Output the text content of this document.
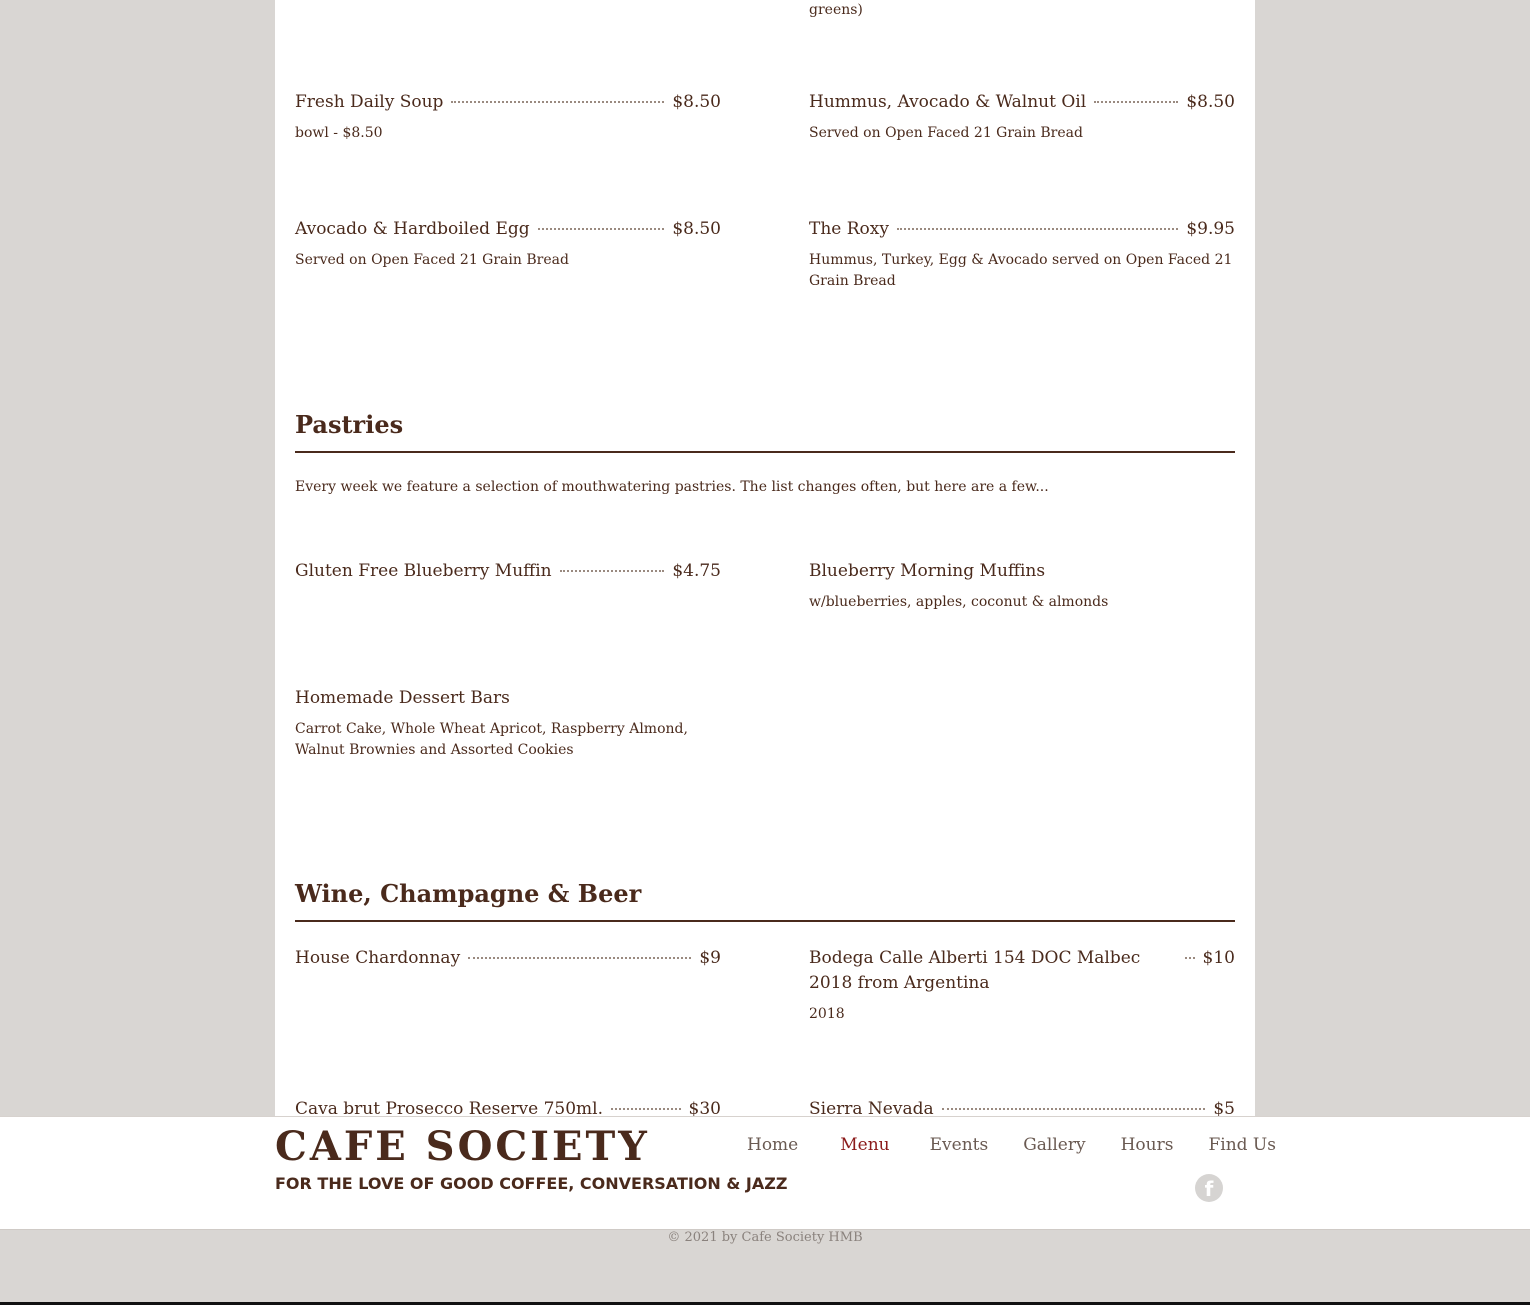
greens)
Fresh Daily Soup	$8.50
bowl - $8.50
Hummus, Avocado & Walnut Oil	$8.50
Served on Open Faced 21 Grain Bread
Avocado & Hardboiled Egg	$8.50
Served on Open Faced 21 Grain Bread
The Roxy	$9.95
Hummus, Turkey, Egg & Avocado served on Open Faced 21 Grain Bread
Pastries
Every week we feature a selection of mouthwatering pastries. The list changes often, but here are a few...
Gluten Free Blueberry Muffin	$4.75	Blueberry Morning Muffins
w/blueberries, apples, coconut & almonds
Homemade Dessert Bars
Carrot Cake, Whole Wheat Apricot, Raspberry Almond, Walnut Brownies and Assorted Cookies
Wine, Champagne & Beer
House Chardonnay	$9	Bodega Calle Alberti 154 DOC Malbec 2018 from Argentina
$10
2018
Cava brut Prosecco Reserve 750ml.	$30	Sierra Nevada	$5
CAFE SOCIETY
FOR THE LOVE OF GOOD COFFEE, CONVERSATION & JAZZ
Home Menu Events Gallery Hours Find Us
f
© 2021 by Cafe Society HMB
